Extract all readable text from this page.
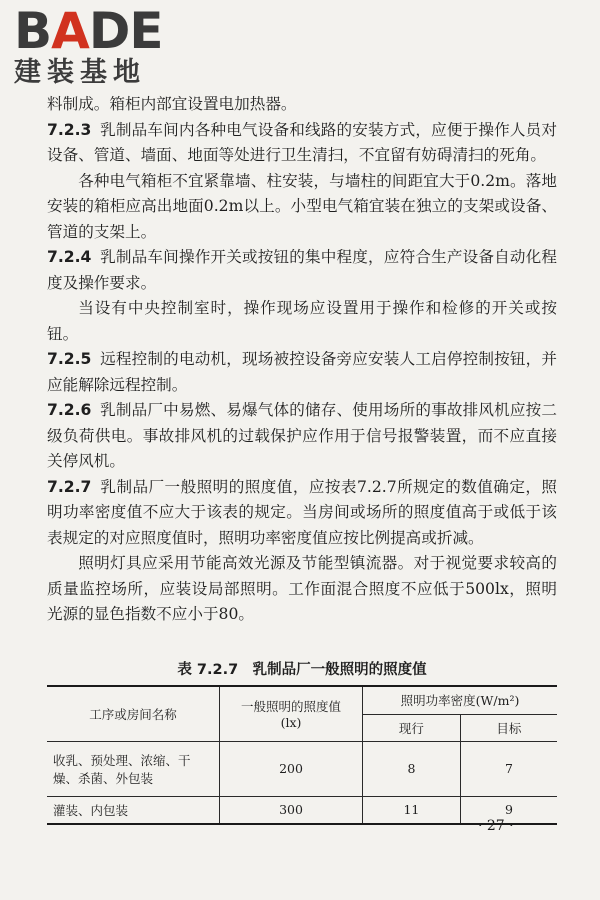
BADE
建装基地

料制成。箱柜内部宜设置电加热器。

7.2.3 乳制品车间内各种电气设备和线路的安装方式，应便于操作人员对设备、管道、墙面、地面等处进行卫生清扫，不宜留有妨碍清扫的死角。

各种电气箱柜不宜紧靠墙、柱安装，与墙柱的间距宜大于0.2m。落地安装的箱柜应高出地面0.2m以上。小型电气箱宜装在独立的支架或设备、管道的支架上。

7.2.4 乳制品车间操作开关或按钮的集中程度，应符合生产设备自动化程度及操作要求。

当设有中央控制室时，操作现场应设置用于操作和检修的开关或按钮。

7.2.5 远程控制的电动机，现场被控设备旁应安装人工启停控制按钮，并应能解除远程控制。

7.2.6 乳制品厂中易燃、易爆气体的储存、使用场所的事故排风机应按二级负荷供电。事故排风机的过载保护应作用于信号报警装置，而不应直接关停风机。

7.2.7 乳制品厂一般照明的照度值，应按表7.2.7所规定的数值确定，照明功率密度值不应大于该表的规定。当房间或场所的照度值高于或低于该表规定的对应照度值时，照明功率密度值应按比例提高或折减。

照明灯具应采用节能高效光源及节能型镇流器。对于视觉要求较高的质量监控场所，应装设局部照明。工作面混合照度不应低于500lx，照明光源的显色指数不应小于80。

表 7.2.7　乳制品厂一般照明的照度值
工序或房间名称	一般照明的照度值
(lx)	照明功率密度(W/m²)	
		现行	目标
收乳、预处理、浓缩、干
燥、杀菌、外包装	200	8	7
灌装、内包装	300	11	9
· 27 ·
